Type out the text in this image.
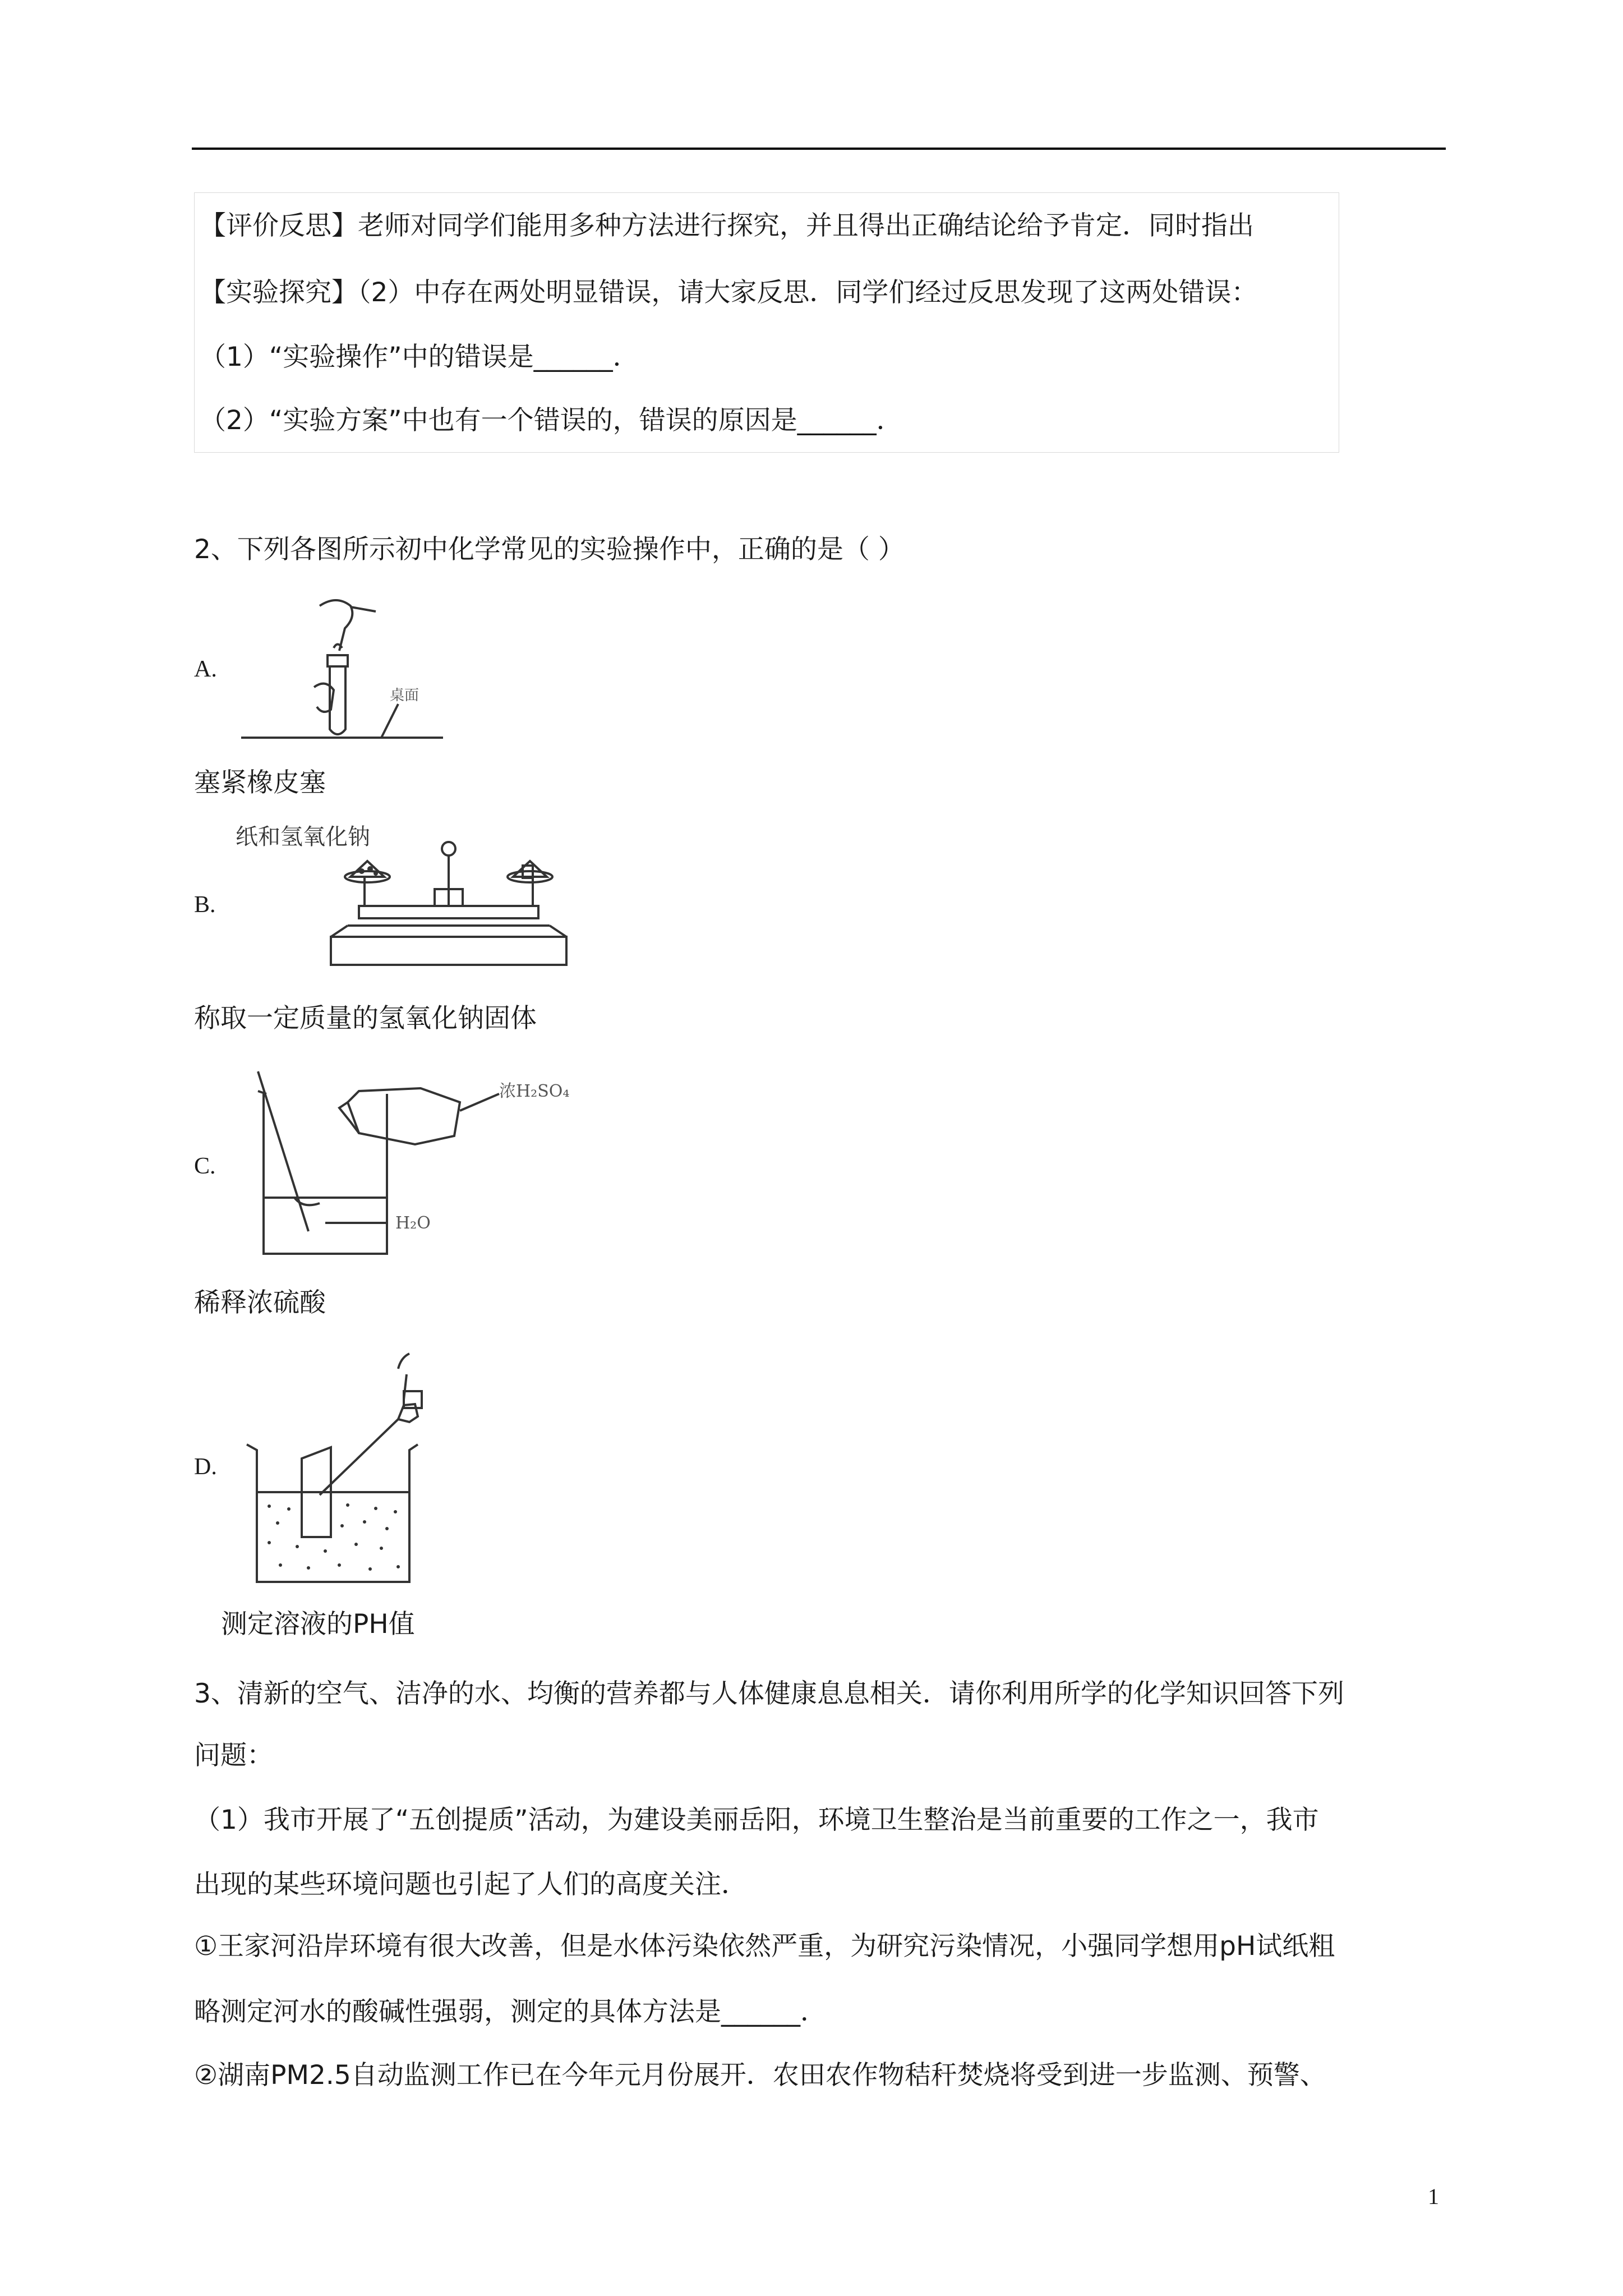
【评价反思】老师对同学们能用多种方法进行探究，并且得出正确结论给予肯定．同时指出
【实验探究】（2）中存在两处明显错误，请大家反思．同学们经过反思发现了这两处错误：
（1）“实验操作”中的错误是______．
（2）“实验方案”中也有一个错误的，错误的原因是______．
2、下列各图所示初中化学常见的实验操作中，正确的是（ ）
A.
桌面
塞紧橡皮塞
B.
纸和氢氧化钠
称取一定质量的氢氧化钠固体
C.
浓H₂SO₄
H₂O
稀释浓硫酸
D.
测定溶液的PH值
3、清新的空气、洁净的水、均衡的营养都与人体健康息息相关．请你利用所学的化学知识回答下列
问题：
（1）我市开展了“五创提质”活动，为建设美丽岳阳，环境卫生整治是当前重要的工作之一，我市
出现的某些环境问题也引起了人们的高度关注．
①王家河沿岸环境有很大改善，但是水体污染依然严重，为研究污染情况，小强同学想用pH试纸粗
略测定河水的酸碱性强弱，测定的具体方法是______．
②湖南PM2.5自动监测工作已在今年元月份展开．农田农作物秸秆焚烧将受到进一步监测、预警、
1
